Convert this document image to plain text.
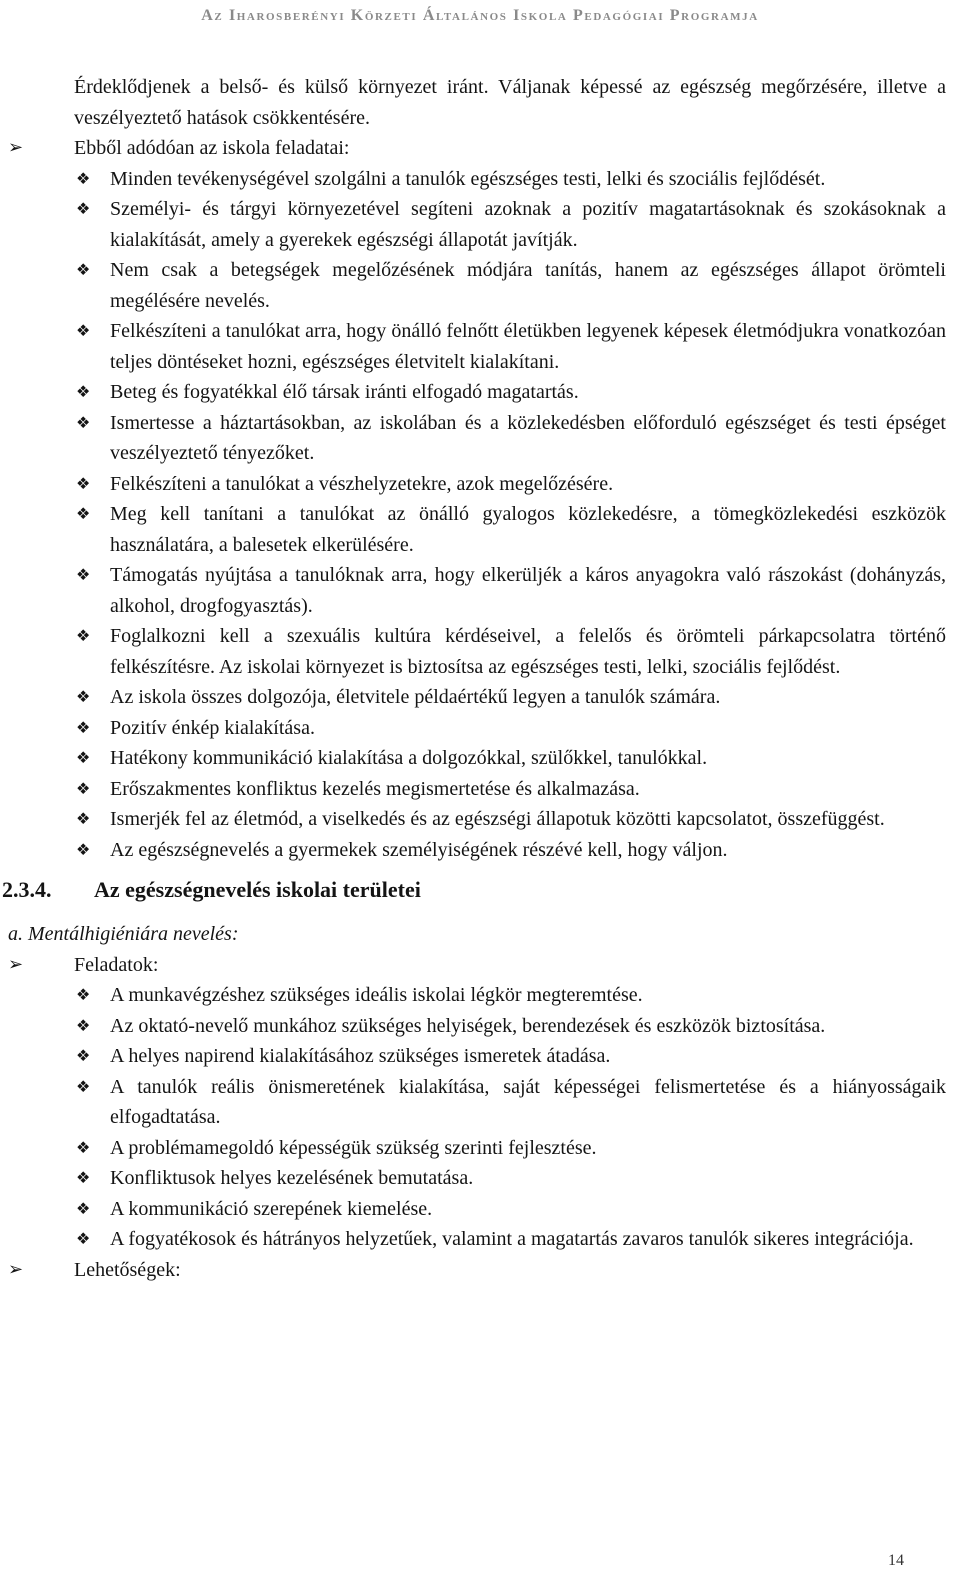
Az Iharosberényi Körzeti Általános Iskola Pedagógiai Programja
Érdeklődjenek a belső- és külső környezet iránt. Váljanak képessé az egészség megőrzésére, illetve a veszélyeztető hatások csökkentésére.
➢	Ebből adódóan az iskola feladatai:
❖ Minden tevékenységével szolgálni a tanulók egészséges testi, lelki és szociális fejlődését.
❖ Személyi- és tárgyi környezetével segíteni azoknak a pozitív magatartásoknak és szokásoknak a kialakítását, amely a gyerekek egészségi állapotát javítják.
❖ Nem csak a betegségek megelőzésének módjára tanítás, hanem az egészséges állapot örömteli megélésére nevelés.
❖ Felkészíteni a tanulókat arra, hogy önálló felnőtt életükben legyenek képesek életmódjukra vonatkozóan teljes döntéseket hozni, egészséges életvitelt kialakítani.
❖ Beteg és fogyatékkal élő társak iránti elfogadó magatartás.
❖ Ismertesse a háztartásokban, az iskolában és a közlekedésben előforduló egészséget és testi épséget veszélyeztető tényezőket.
❖ Felkészíteni a tanulókat a vészhelyzetekre, azok megelőzésére.
❖ Meg kell tanítani a tanulókat az önálló gyalogos közlekedésre, a tömegközlekedési eszközök használatára, a balesetek elkerülésére.
❖ Támogatás nyújtása a tanulóknak arra, hogy elkerüljék a káros anyagokra való rászokást (dohányzás, alkohol, drogfogyasztás).
❖ Foglalkozni kell a szexuális kultúra kérdéseivel, a felelős és örömteli párkapcsolatra történő felkészítésre. Az iskolai környezet is biztosítsa az egészséges testi, lelki, szociális fejlődést.
❖ Az iskola összes dolgozója, életvitele példaértékű legyen a tanulók számára.
❖ Pozitív énkép kialakítása.
❖ Hatékony kommunikáció kialakítása a dolgozókkal, szülőkkel, tanulókkal.
❖ Erőszakmentes konfliktus kezelés megismertetése és alkalmazása.
❖ Ismerjék fel az életmód, a viselkedés és az egészségi állapotuk közötti kapcsolatot, összefüggést.
❖ Az egészségnevelés a gyermekek személyiségének részévé kell, hogy váljon.
2.3.4. Az egészségnevelés iskolai területei
a. Mentálhigiéniára nevelés:
➢	Feladatok:
❖ A munkavégzéshez szükséges ideális iskolai légkör megteremtése.
❖ Az oktató-nevelő munkához szükséges helyiségek, berendezések és eszközök biztosítása.
❖ A helyes napirend kialakításához szükséges ismeretek átadása.
❖ A tanulók reális önismeretének kialakítása, saját képességei felismertetése és a hiányosságaik elfogadtatása.
❖ A problémamegoldó képességük szükség szerinti fejlesztése.
❖ Konfliktusok helyes kezelésének bemutatása.
❖ A kommunikáció szerepének kiemelése.
❖ A fogyatékosok és hátrányos helyzetűek, valamint a magatartás zavaros tanulók sikeres integrációja.
➢	Lehetőségek:
14
